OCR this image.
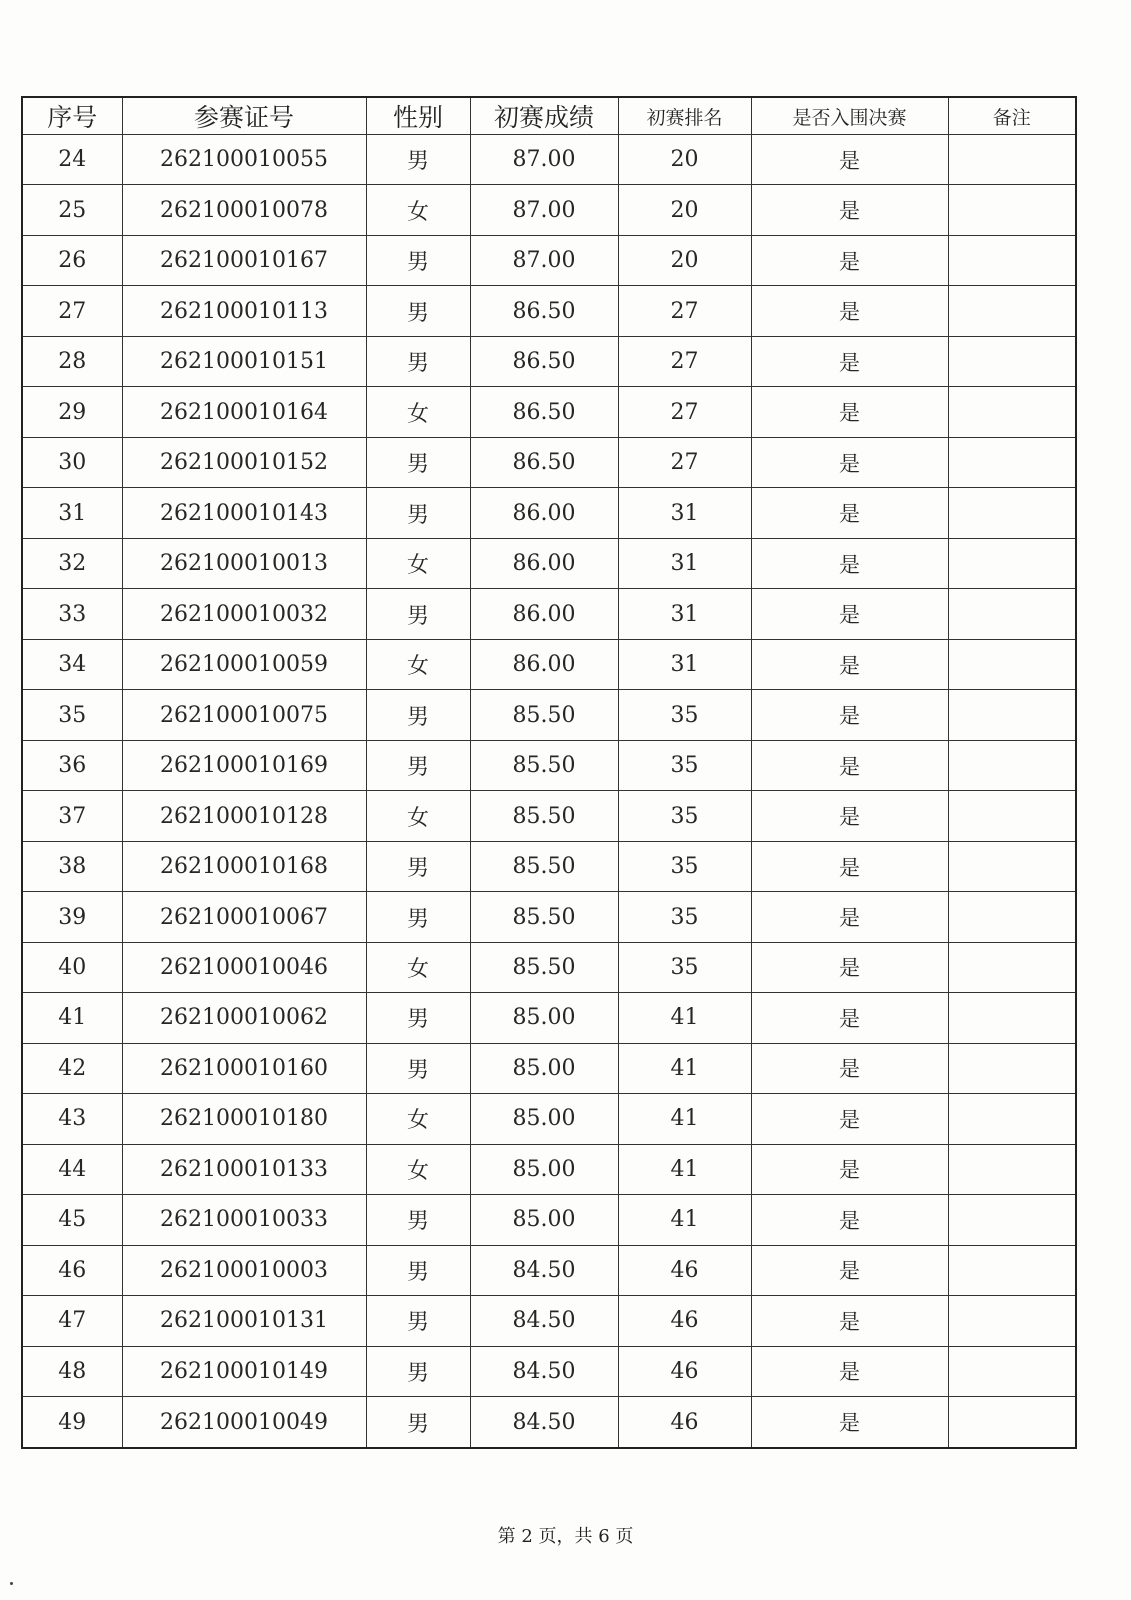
序号	参赛证号	性别	初赛成绩	初赛排名	是否入围决赛	备注
24	262100010055	男	87.00	20	是	
25	262100010078	女	87.00	20	是	
26	262100010167	男	87.00	20	是	
27	262100010113	男	86.50	27	是	
28	262100010151	男	86.50	27	是	
29	262100010164	女	86.50	27	是	
30	262100010152	男	86.50	27	是	
31	262100010143	男	86.00	31	是	
32	262100010013	女	86.00	31	是	
33	262100010032	男	86.00	31	是	
34	262100010059	女	86.00	31	是	
35	262100010075	男	85.50	35	是	
36	262100010169	男	85.50	35	是	
37	262100010128	女	85.50	35	是	
38	262100010168	男	85.50	35	是	
39	262100010067	男	85.50	35	是	
40	262100010046	女	85.50	35	是	
41	262100010062	男	85.00	41	是	
42	262100010160	男	85.00	41	是	
43	262100010180	女	85.00	41	是	
44	262100010133	女	85.00	41	是	
45	262100010033	男	85.00	41	是	
46	262100010003	男	84.50	46	是	
47	262100010131	男	84.50	46	是	
48	262100010149	男	84.50	46	是	
49	262100010049	男	84.50	46	是	
第 2 页，共 6 页
